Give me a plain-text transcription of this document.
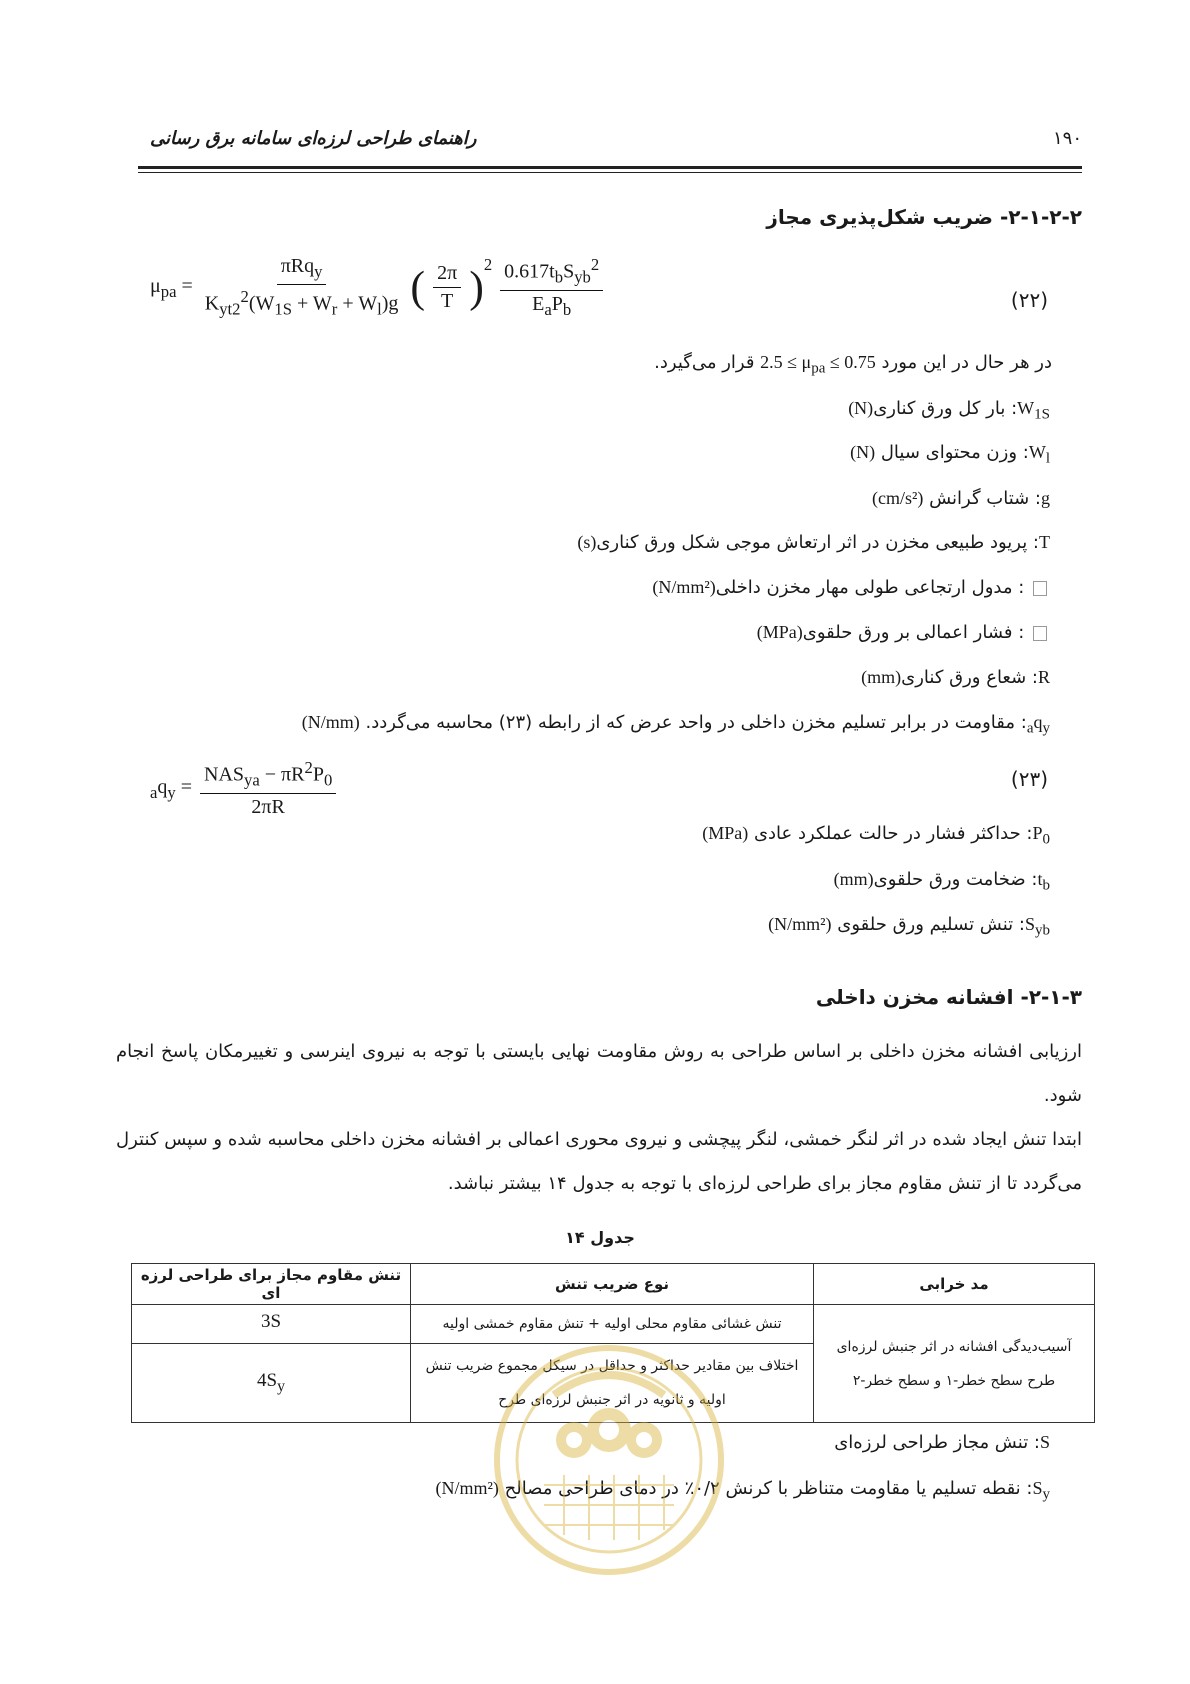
راهنمای طراحی لرزه‌ای سامانه برق رسانی	۱۹۰
۲-۱-۲-۲- ضریب شکل‌پذیری مجاز
$\mu_{pa} = \frac{\pi Rq_y}{K_{yt2}^2(W_{1S} + W_r + W_l)g}$ ( $\frac{2\pi}{T} )^2 \frac{0.617t_bS_{yb}^2}{E_aP_b}$	(۲۲)
در هر حال در این مورد $2.5 \le \mu_{pa} \le 0.75$ قرار می‌گیرد.
$W_{1S}$: بار کل ورق کناری(N)
$W_l$: وزن محتوای سیال (N)
g: شتاب گرانش (cm/s²)
T: پریود طبیعی مخزن در اثر ارتعاش موجی شکل ورق کناری(s)
: مدول ارتجاعی طولی مهار مخزن داخلی(N/mm²)
: فشار اعمالی بر ورق حلقوی(MPa)
R: شعاع ورق کناری(mm)
$_aq_y$: مقاومت در برابر تسلیم مخزن داخلی در واحد عرض که از رابطه (۲۳) محاسبه می‌گردد. (N/mm)
$_aq_y = \frac{NAS_{ya} - \pi R^2P_0}{2\pi R}$	(۲۳)
$P_0$: حداکثر فشار در حالت عملکرد عادی (MPa)
$t_b$: ضخامت ورق حلقوی(mm)
$S_{yb}$: تنش تسلیم ورق حلقوی (N/mm²)
۲-۱-۳- افشانه مخزن داخلی
ارزیابی افشانه مخزن داخلی بر اساس طراحی به روش مقاومت نهایی بایستی با توجه به نیروی اینرسی و تغییرمکان پاسخ انجام شود.
ابتدا تنش ایجاد شده در اثر لنگر خمشی، لنگر پیچشی و نیروی محوری اعمالی بر افشانه مخزن داخلی محاسبه شده و سپس کنترل می‌گردد تا از تنش مقاوم مجاز برای طراحی لرزه‌ای با توجه به جدول ۱۴ بیشتر نباشد.
جدول ۱۴
مد خرابی	نوع ضریب تنش	تنش مقاوم مجاز برای طراحی لرزه ای
آسیب‌دیدگی افشانه در اثر جنبش لرزه‌ای طرح سطح خطر-۱ و سطح خطر-۲	تنش غشائی مقاوم محلی اولیه + تنش مقاوم خمشی اولیه	3S
	اختلاف بین مقادیر حداکثر و حداقل در سیکل مجموع ضریب تنش اولیه و ثانویه در اثر جنبش لرزه‌ای طرح	$4S_y$
S: تنش مجاز طراحی لرزه‌ای
$S_y$: نقطه تسلیم یا مقاومت متناظر با کرنش ۰/۲٪ در دمای طراحی مصالح (N/mm²)
